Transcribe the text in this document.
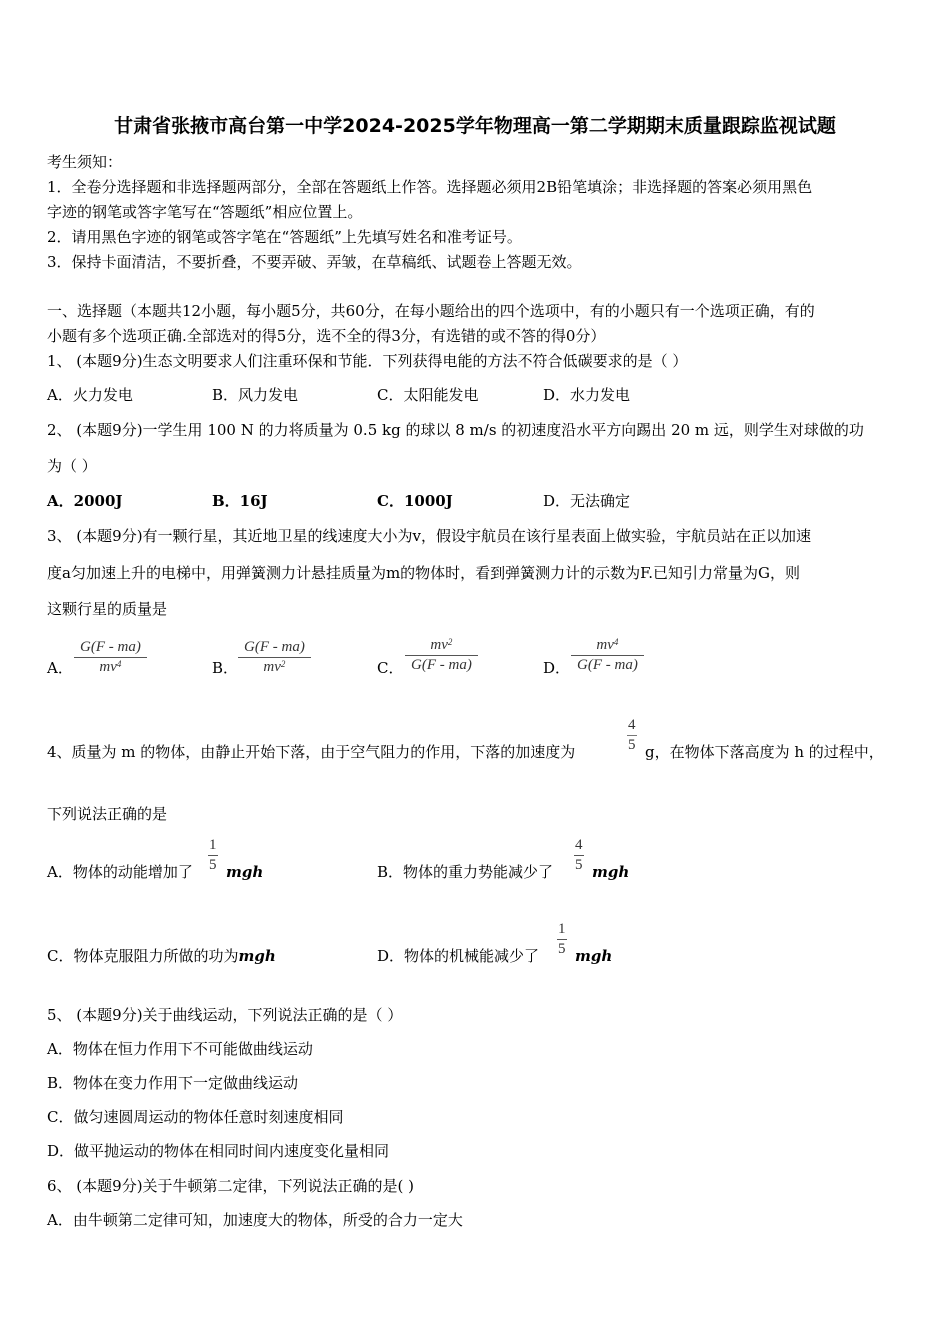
甘肃省张掖市高台第一中学2024-2025学年物理高一第二学期期末质量跟踪监视试题
考生须知：
1．全卷分选择题和非选择题两部分，全部在答题纸上作答。选择题必须用2B铅笔填涂；非选择题的答案必须用黑色
字迹的钢笔或答字笔写在“答题纸”相应位置上。
2．请用黑色字迹的钢笔或答字笔在“答题纸”上先填写姓名和准考证号。
3．保持卡面清洁，不要折叠，不要弄破、弄皱，在草稿纸、试题卷上答题无效。
一、选择题（本题共12小题，每小题5分，共60分，在每小题给出的四个选项中，有的小题只有一个选项正确，有的
小题有多个选项正确.全部选对的得5分，选不全的得3分，有选错的或不答的得0分）
1、 (本题9分)生态文明要求人们注重环保和节能．下列获得电能的方法不符合低碳要求的是（ ）
A．火力发电	B．风力发电	C．太阳能发电	D．水力发电
2、 (本题9分)一学生用 100 N 的力将质量为 0.5 kg 的球以 8 m/s 的初速度沿水平方向踢出 20 m 远，则学生对球做的功
为（ ）
A．2000J	B．16J	C．1000J	D．无法确定
3、 (本题9分)有一颗行星，其近地卫星的线速度大小为v，假设宇航员在该行星表面上做实验，宇航员站在正以加速
度a匀加速上升的电梯中，用弹簧测力计悬挂质量为m的物体时，看到弹簧测力计的示数为F.已知引力常量为G，则
这颗行星的质量是
A． $\frac{G(F - ma)}{mv^4}$	B． $\frac{G(F - ma)}{mv^2}$	C． $\frac{mv^2}{G(F - ma)}$	D． $\frac{mv^4}{G(F - ma)}$
4、质量为 m 的物体，由静止开始下落，由于空气阻力的作用，下落的加速度为	$\frac{4}{5}$ g，在物体下落高度为 h 的过程中，
下列说法正确的是
A．物体的动能增加了 $\frac{1}{5}$ mgh	B．物体的重力势能减少了 $\frac{4}{5}$ mgh
C．物体克服阻力所做的功为mgh	D．物体的机械能减少了 $\frac{1}{5}$ mgh
5、 (本题9分)关于曲线运动，下列说法正确的是（ ）
A．物体在恒力作用下不可能做曲线运动
B．物体在变力作用下一定做曲线运动
C．做匀速圆周运动的物体任意时刻速度相同
D．做平抛运动的物体在相同时间内速度变化量相同
6、 (本题9分)关于牛顿第二定律，下列说法正确的是( )
A．由牛顿第二定律可知，加速度大的物体，所受的合力一定大
